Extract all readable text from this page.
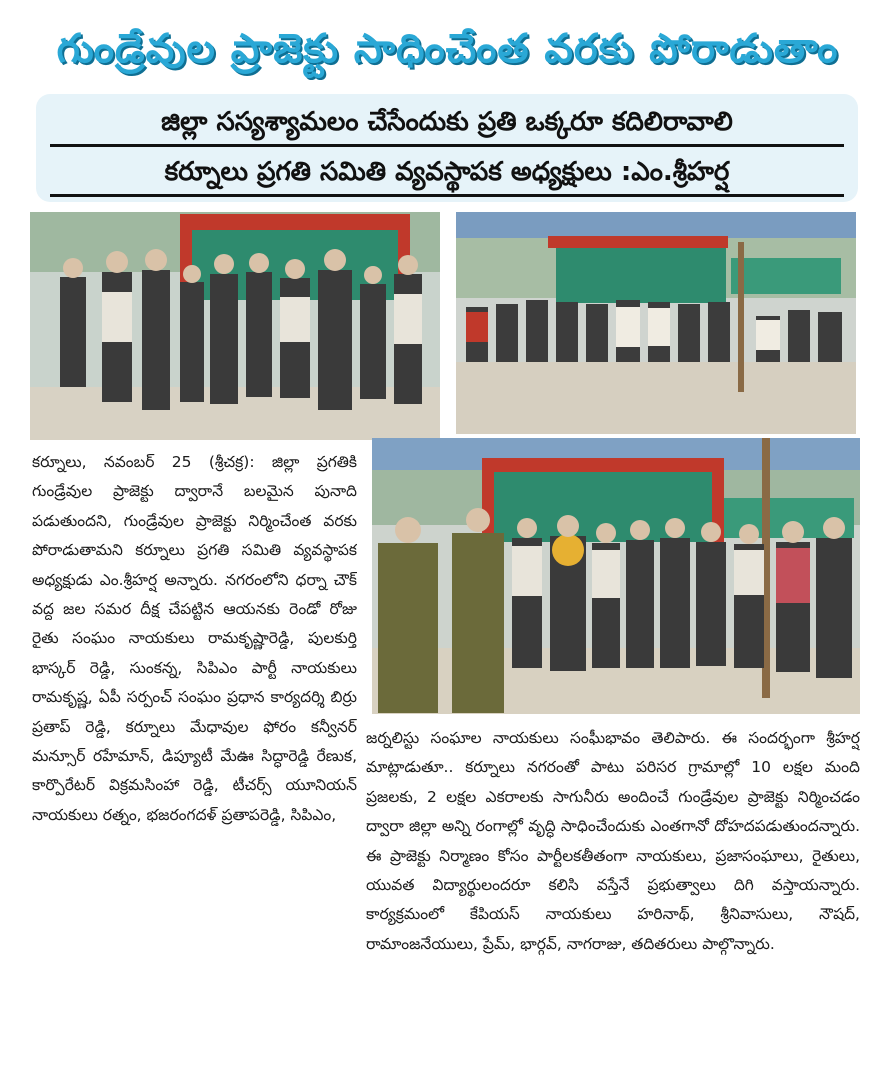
గుండ్రేవుల ప్రాజెక్టు సాధించేంత వరకు పోరాడుతాం
జిల్లా సస్యశ్యామలం చేసేందుకు ప్రతి ఒక్కరూ కదిలిరావాలి
కర్నూలు ప్రగతి సమితి వ్యవస్థాపక అధ్యక్షులు :ఎం.శ్రీహర్ష

కర్నూలు, నవంబర్ 25 (శ్రీచక్ర): జిల్లా ప్రగతికి గుండ్రేవుల ప్రాజెక్టు ద్వారానే బలమైన పునాది పడుతుందని, గుండ్రేవుల ప్రాజెక్టు నిర్మించేంత వరకు పోరాడుతామని కర్నూలు ప్రగతి సమితి వ్యవస్థాపక అధ్యక్షుడు ఎం.శ్రీహర్ష అన్నారు. నగరంలోని ధర్నా చౌక్ వద్ద జల సమర దీక్ష చేపట్టిన ఆయనకు రెండో రోజు రైతు సంఘం నాయకులు రామకృష్ణారెడ్డి, పులకుర్తి భాస్కర్ రెడ్డి, సుంకన్న, సిపిఎం పార్టీ నాయకులు రామకృష్ణ, ఏపీ సర్పంచ్ సంఘం ప్రధాన కార్యదర్శి బిర్రు ప్రతాప్ రెడ్డి, కర్నూలు మేధావుల ఫోరం కన్వీనర్ మన్సూర్ రహేమాన్, డిప్యూటీ మేఊ సిద్ధారెడ్డి రేణుక, కార్పొరేటర్ విక్రమసింహా రెడ్డి, టీచర్స్ యూనియన్ నాయకులు రత్నం, భజరంగదళ్ ప్రతాపరెడ్డి, సిపిఎం,

జర్నలిస్టు సంఘాల నాయకులు సంఘీభావం తెలిపారు. ఈ సందర్భంగా శ్రీహర్ష మాట్లాడుతూ.. కర్నూలు నగరంతో పాటు పరిసర గ్రామాల్లో 10 లక్షల మంది ప్రజలకు, 2 లక్షల ఎకరాలకు సాగునీరు అందించే గుండ్రేవుల ప్రాజెక్టు నిర్మించడం ద్వారా జిల్లా అన్ని రంగాల్లో వృద్ధి సాధించేందుకు ఎంతగానో దోహదపడుతుందన్నారు. ఈ ప్రాజెక్టు నిర్మాణం కోసం పార్టీలకతీతంగా నాయకులు, ప్రజాసంఘాలు, రైతులు, యువత విద్యార్థులందరూ కలిసి వస్తేనే ప్రభుత్వాలు దిగి వస్తాయన్నారు. కార్యక్రమంలో కేపియస్ నాయకులు హరినాథ్, శ్రీనివాసులు, నౌషద్, రామాంజనేయులు, ప్రేమ్, భార్గవ్, నాగరాజు, తదితరులు పాల్గొన్నారు.
